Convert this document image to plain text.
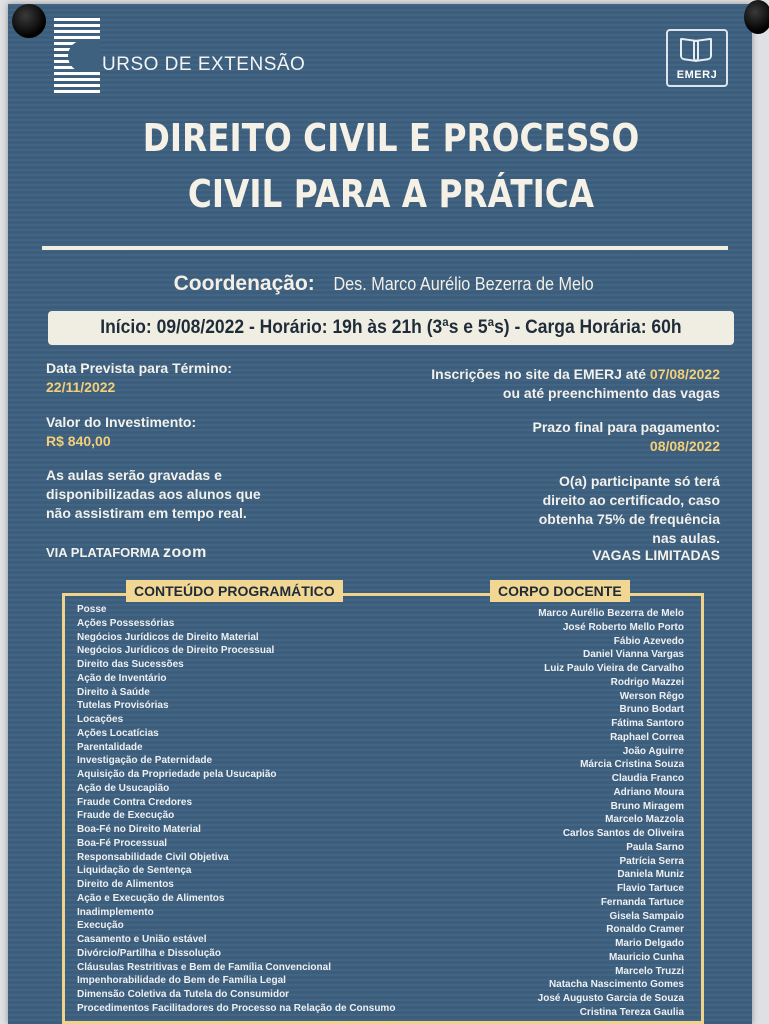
URSO DE EXTENSÃO	EMERJ
DIREITO CIVIL E PROCESSO
CIVIL PARA A PRÁTICA
Coordenação: Des. Marco Aurélio Bezerra de Melo
Início: 09/08/2022 - Horário: 19h às 21h (3ªs e 5ªs) - Carga Horária: 60h
Data Prevista para Término:
22/11/2022
Valor do Investimento:
R$ 840,00
As aulas serão gravadas e disponibilizadas aos alunos que não assistiram em tempo real.
VIA PLATAFORMA zoom
Inscrições no site da EMERJ até 07/08/2022
ou até preenchimento das vagas
Prazo final para pagamento:
08/08/2022
O(a) participante só terá direito ao certificado, caso obtenha 75% de frequência nas aulas.
VAGAS LIMITADAS
CONTEÚDO PROGRAMÁTICO	CORPO DOCENTE
Posse
Ações Possessórias
Negócios Jurídicos de Direito Material
Negócios Jurídicos de Direito Processual
Direito das Sucessões
Ação de Inventário
Direito à Saúde
Tutelas Provisórias
Locações
Ações Locatícias
Parentalidade
Investigação de Paternidade
Aquisição da Propriedade pela Usucapião
Ação de Usucapião
Fraude Contra Credores
Fraude de Execução
Boa-Fé no Direito Material
Boa-Fé Processual
Responsabilidade Civil Objetiva
Liquidação de Sentença
Direito de Alimentos
Ação e Execução de Alimentos
Inadimplemento
Execução
Casamento e União estável
Divórcio/Partilha e Dissolução
Cláusulas Restritivas e Bem de Família Convencional
Impenhorabilidade do Bem de Família Legal
Dimensão Coletiva da Tutela do Consumidor
Procedimentos Facilitadores do Processo na Relação de Consumo
Marco Aurélio Bezerra de Melo
José Roberto Mello Porto
Fábio Azevedo
Daniel Vianna Vargas
Luiz Paulo Vieira de Carvalho
Rodrigo Mazzei
Werson Rêgo
Bruno Bodart
Fátima Santoro
Raphael Correa
João Aguirre
Márcia Cristina Souza
Claudia Franco
Adriano Moura
Bruno Miragem
Marcelo Mazzola
Carlos Santos de Oliveira
Paula Sarno
Patrícia Serra
Daniela Muniz
Flavio Tartuce
Fernanda Tartuce
Gisela Sampaio
Ronaldo Cramer
Mario Delgado
Mauricio Cunha
Marcelo Truzzi
Natacha Nascimento Gomes
José Augusto Garcia de Souza
Cristina Tereza Gaulia
